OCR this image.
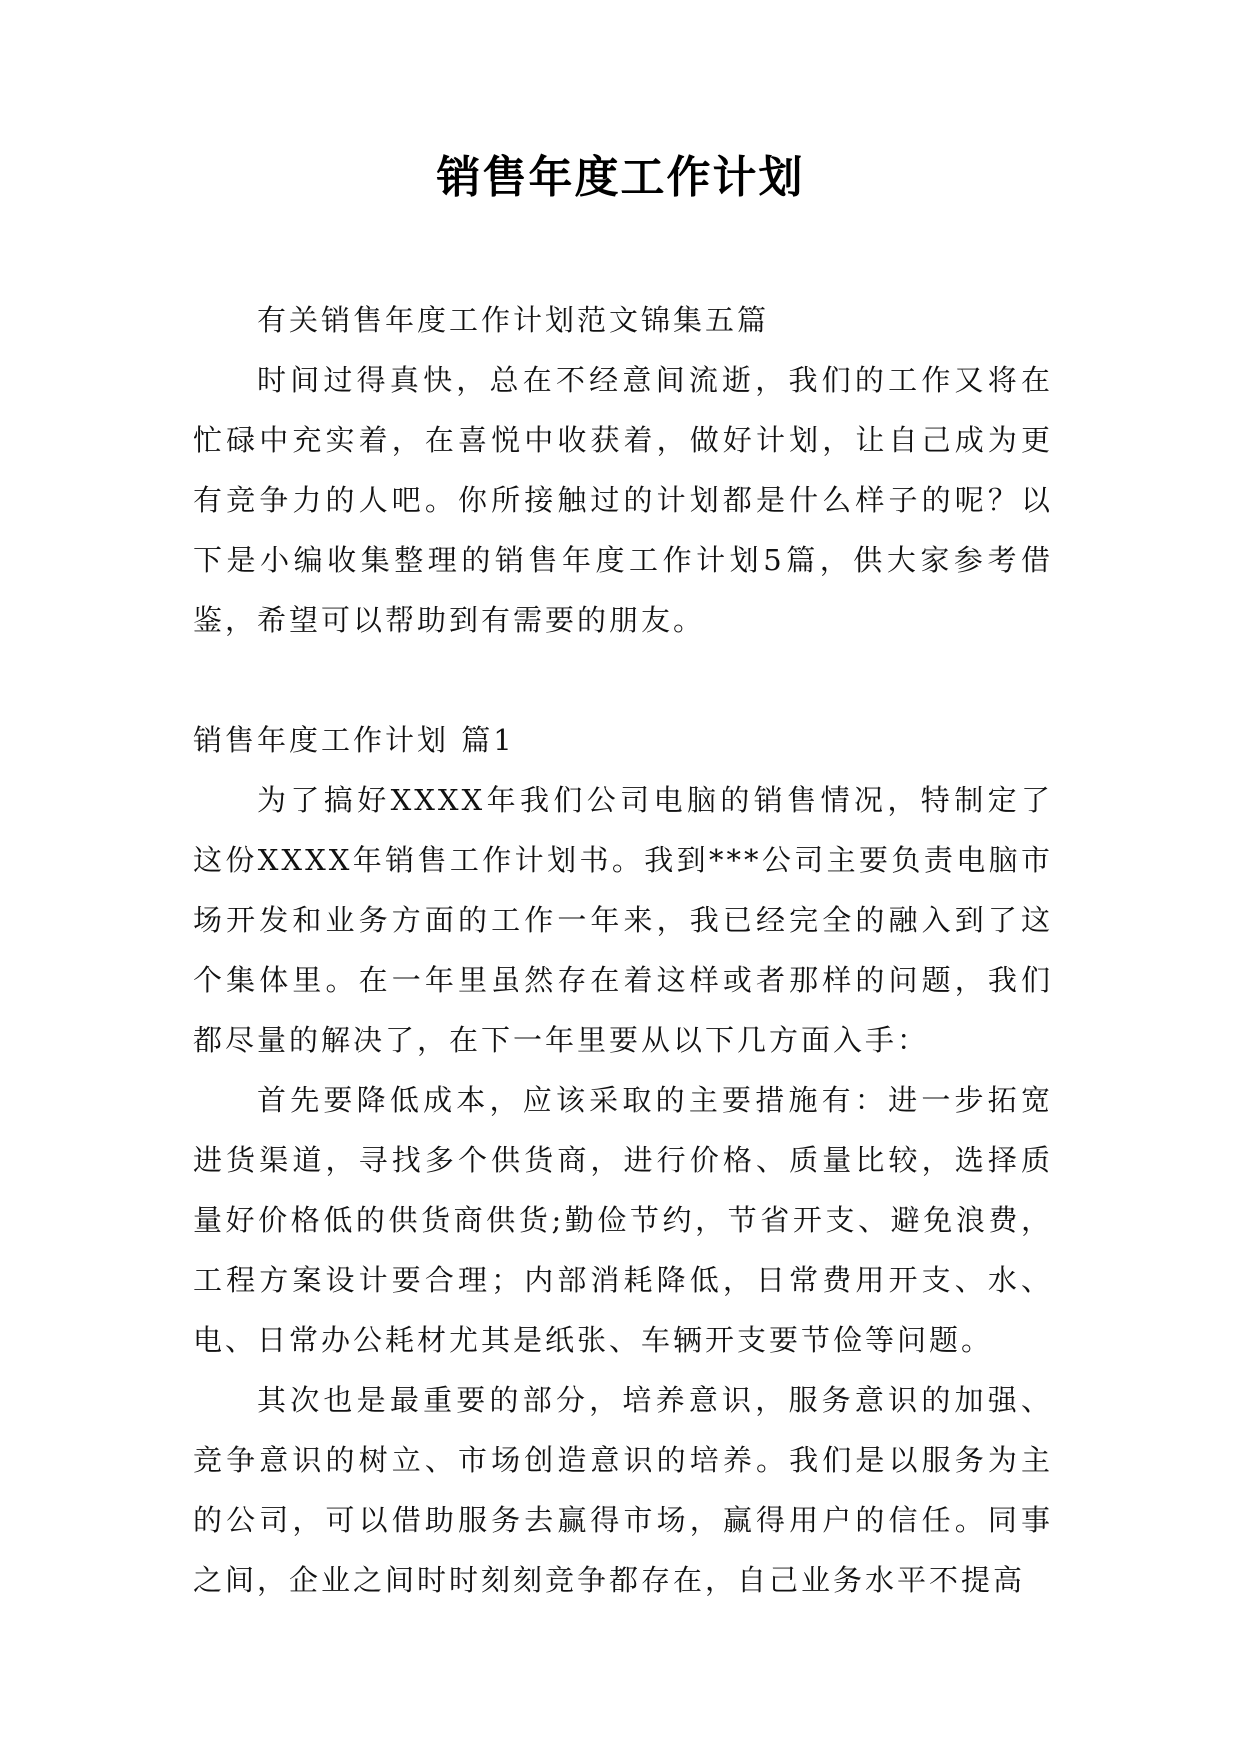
销售年度工作计划

有关销售年度工作计划范文锦集五篇

时间过得真快，总在不经意间流逝，我们的工作又将在忙碌中充实着，在喜悦中收获着，做好计划，让自己成为更有竞争力的人吧。你所接触过的计划都是什么样子的呢？以下是小编收集整理的销售年度工作计划5篇，供大家参考借鉴，希望可以帮助到有需要的朋友。

销售年度工作计划 篇1

为了搞好XXXX年我们公司电脑的销售情况，特制定了这份XXXX年销售工作计划书。我到***公司主要负责电脑市场开发和业务方面的工作一年来，我已经完全的融入到了这个集体里。在一年里虽然存在着这样或者那样的问题，我们都尽量的解决了，在下一年里要从以下几方面入手：

首先要降低成本，应该采取的主要措施有：进一步拓宽进货渠道，寻找多个供货商，进行价格、质量比较，选择质量好价格低的供货商供货;勤俭节约，节省开支、避免浪费，工程方案设计要合理；内部消耗降低，日常费用开支、水、电、日常办公耗材尤其是纸张、车辆开支要节俭等问题。

其次也是最重要的部分，培养意识，服务意识的加强、竞争意识的树立、市场创造意识的培养。我们是以服务为主的公司，可以借助服务去赢得市场，赢得用户的信任。同事之间，企业之间时时刻刻竞争都存在，自己业务水平不提高
